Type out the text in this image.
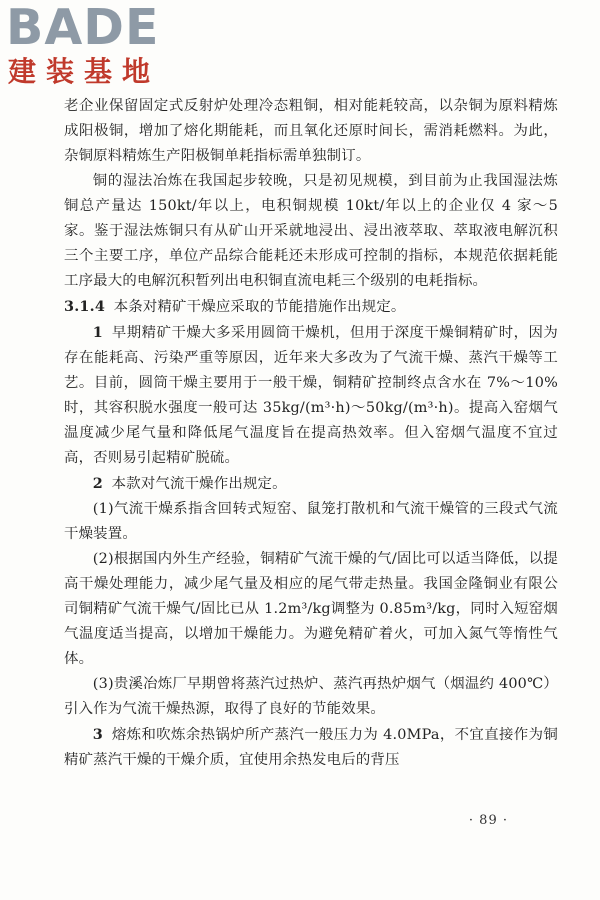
BADE
建装基地

老企业保留固定式反射炉处理冷态粗铜，相对能耗较高，以杂铜为原料精炼成阳极铜，增加了熔化期能耗，而且氧化还原时间长，需消耗燃料。为此，杂铜原料精炼生产阳极铜单耗指标需单独制订。

铜的湿法冶炼在我国起步较晚，只是初见规模，到目前为止我国湿法炼铜总产量达 150kt/年以上，电积铜规模 10kt/年以上的企业仅 4 家～5 家。鉴于湿法炼铜只有从矿山开采就地浸出、浸出液萃取、萃取液电解沉积三个主要工序，单位产品综合能耗还未形成可控制的指标，本规范依据耗能工序最大的电解沉积暂列出电积铜直流电耗三个级别的电耗指标。

3.1.4 本条对精矿干燥应采取的节能措施作出规定。

1 早期精矿干燥大多采用圆筒干燥机，但用于深度干燥铜精矿时，因为存在能耗高、污染严重等原因，近年来大多改为了气流干燥、蒸汽干燥等工艺。目前，圆筒干燥主要用于一般干燥，铜精矿控制终点含水在 7%～10%时，其容积脱水强度一般可达 35kg/(m³·h)～50kg/(m³·h)。提高入窑烟气温度减少尾气量和降低尾气温度旨在提高热效率。但入窑烟气温度不宜过高，否则易引起精矿脱硫。

2 本款对气流干燥作出规定。

(1)气流干燥系指含回转式短窑、鼠笼打散机和气流干燥管的三段式气流干燥装置。

(2)根据国内外生产经验，铜精矿气流干燥的气/固比可以适当降低，以提高干燥处理能力，减少尾气量及相应的尾气带走热量。我国金隆铜业有限公司铜精矿气流干燥气/固比已从 1.2m³/kg调整为 0.85m³/kg，同时入短窑烟气温度适当提高，以增加干燥能力。为避免精矿着火，可加入氮气等惰性气体。

(3)贵溪冶炼厂早期曾将蒸汽过热炉、蒸汽再热炉烟气（烟温约 400℃）引入作为气流干燥热源，取得了良好的节能效果。

3 熔炼和吹炼余热锅炉所产蒸汽一般压力为 4.0MPa，不宜直接作为铜精矿蒸汽干燥的干燥介质，宜使用余热发电后的背压

· 89 ·
